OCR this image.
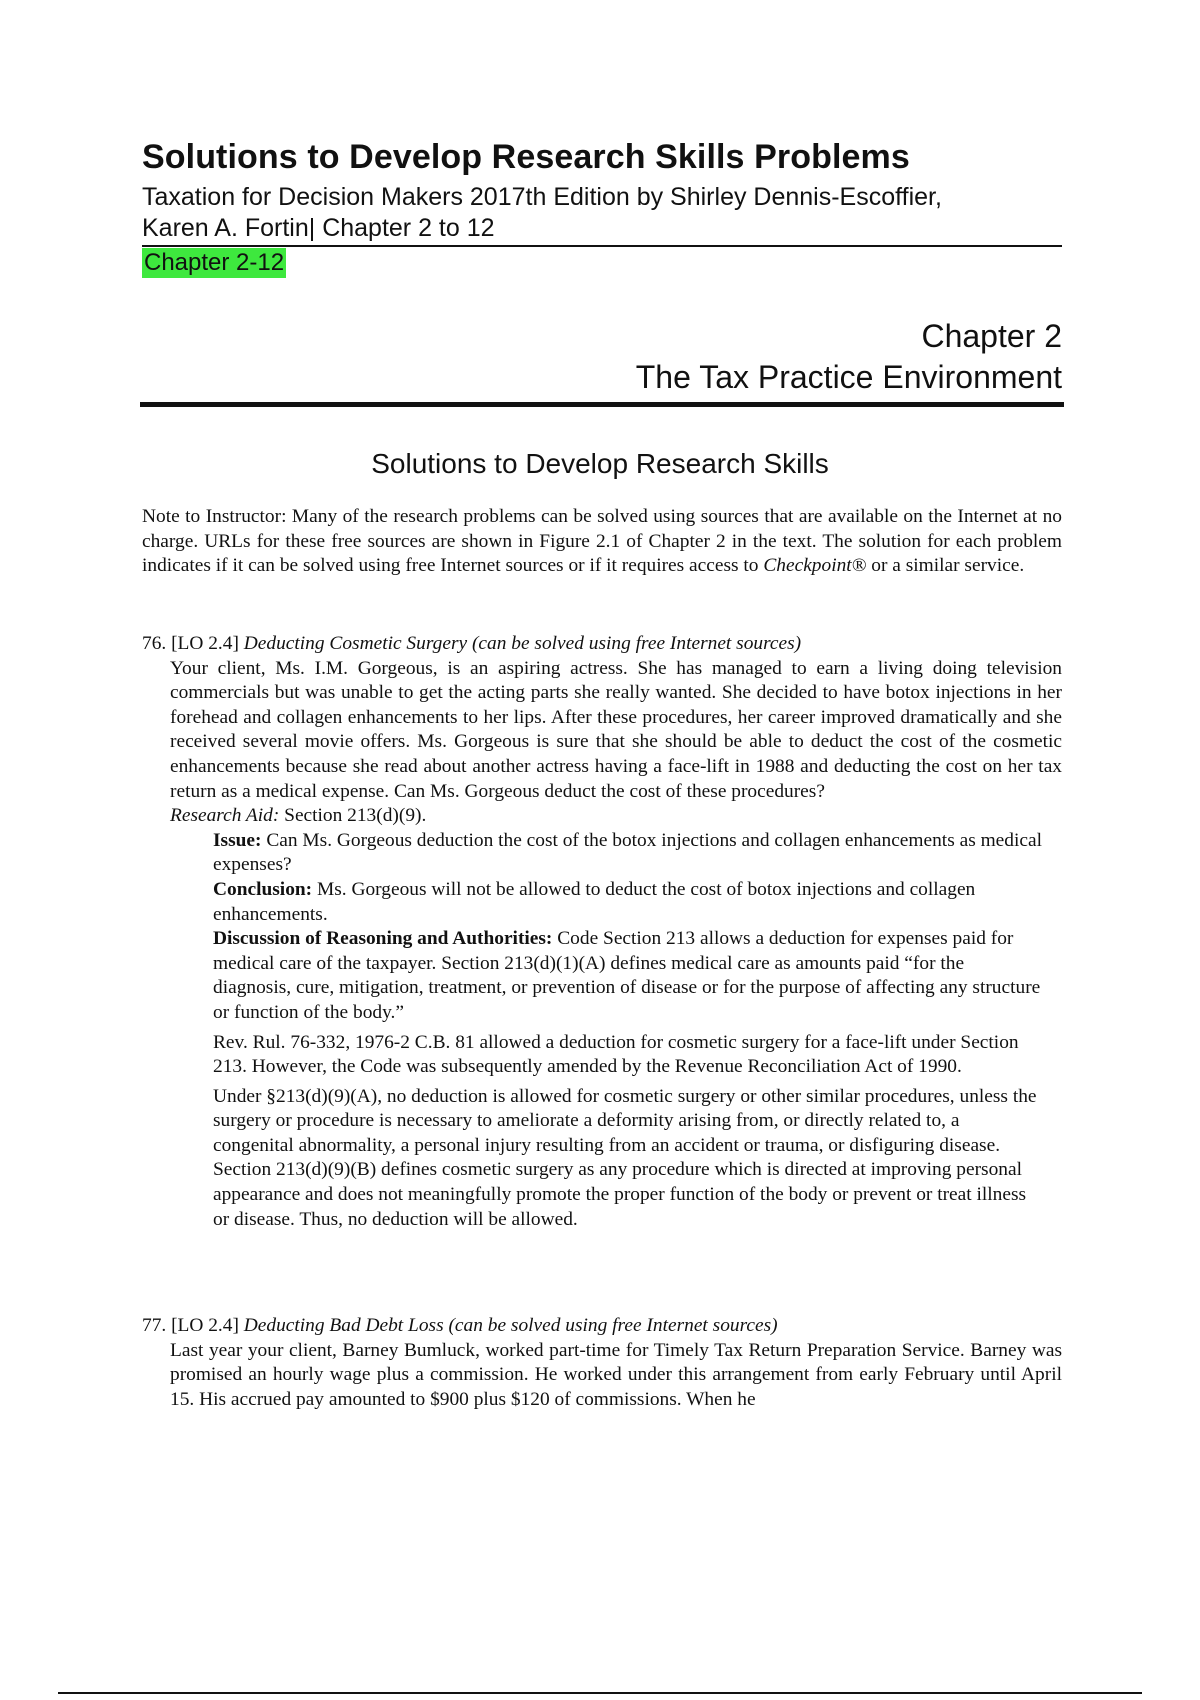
Solutions to Develop Research Skills Problems
Taxation for Decision Makers 2017th Edition by Shirley Dennis-Escoffier,
Karen A. Fortin| Chapter 2 to 12
Chapter 2-12
Chapter 2
The Tax Practice Environment
Solutions to Develop Research Skills

Note to Instructor: Many of the research problems can be solved using sources that are available on the Internet at no charge. URLs for these free sources are shown in Figure 2.1 of Chapter 2 in the text. The solution for each problem indicates if it can be solved using free Internet sources or if it requires access to Checkpoint® or a similar service.

76. [LO 2.4] Deducting Cosmetic Surgery (can be solved using free Internet sources)

Your client, Ms. I.M. Gorgeous, is an aspiring actress. She has managed to earn a living doing television commercials but was unable to get the acting parts she really wanted. She decided to have botox injections in her forehead and collagen enhancements to her lips. After these procedures, her career improved dramatically and she received several movie offers. Ms. Gorgeous is sure that she should be able to deduct the cost of the cosmetic enhancements because she read about another actress having a face-lift in 1988 and deducting the cost on her tax return as a medical expense. Can Ms. Gorgeous deduct the cost of these procedures?

Research Aid: Section 213(d)(9).

Issue: Can Ms. Gorgeous deduction the cost of the botox injections and collagen enhancements as medical expenses?

Conclusion: Ms. Gorgeous will not be allowed to deduct the cost of botox injections and collagen enhancements.

Discussion of Reasoning and Authorities: Code Section 213 allows a deduction for expenses paid for medical care of the taxpayer. Section 213(d)(1)(A) defines medical care as amounts paid “for the diagnosis, cure, mitigation, treatment, or prevention of disease or for the purpose of affecting any structure or function of the body.”

Rev. Rul. 76-332, 1976-2 C.B. 81 allowed a deduction for cosmetic surgery for a face-lift under Section 213. However, the Code was subsequently amended by the Revenue Reconciliation Act of 1990.

Under §213(d)(9)(A), no deduction is allowed for cosmetic surgery or other similar procedures, unless the surgery or procedure is necessary to ameliorate a deformity arising from, or directly related to, a congenital abnormality, a personal injury resulting from an accident or trauma, or disfiguring disease. Section 213(d)(9)(B) defines cosmetic surgery as any procedure which is directed at improving personal appearance and does not meaningfully promote the proper function of the body or prevent or treat illness or disease. Thus, no deduction will be allowed.

77. [LO 2.4] Deducting Bad Debt Loss (can be solved using free Internet sources)

Last year your client, Barney Bumluck, worked part-time for Timely Tax Return Preparation Service. Barney was promised an hourly wage plus a commission. He worked under this arrangement from early February until April 15. His accrued pay amounted to $900 plus $120 of commissions. When he
